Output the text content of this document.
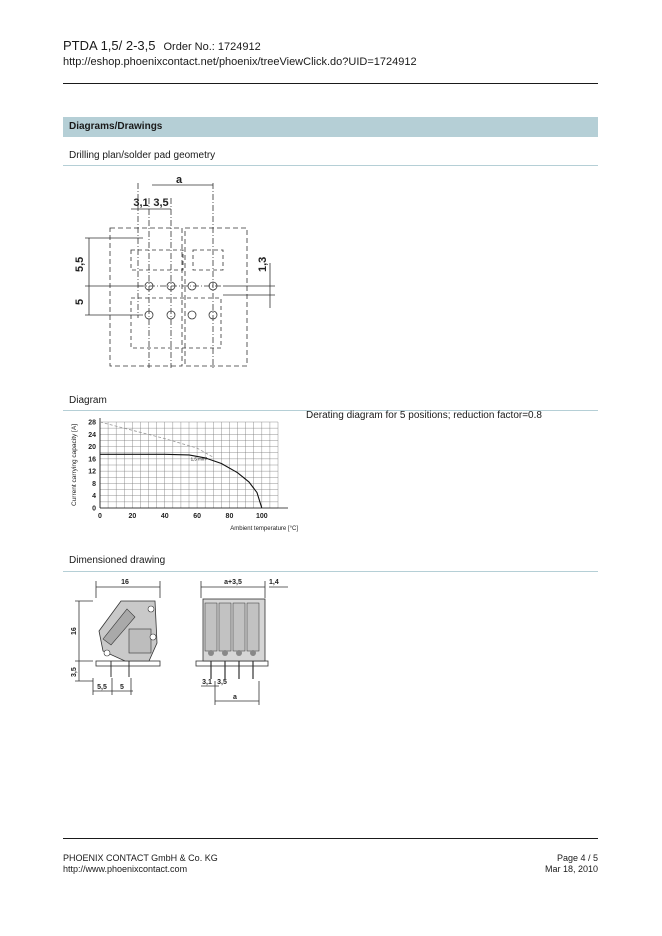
PTDA 1,5/ 2-3,5 Order No.: 1724912
http://eshop.phoenixcontact.net/phoenix/treeViewClick.do?UID=1724912
Diagrams/Drawings
Drilling plan/solder pad geometry
a
3,1 3,5
5,5
5
1,3
Diagram
Derating diagram for 5 positions; reduction factor=0.8
0	20	40	60	80	100
0
4
8
12
16
20
24
28
1,5 mm²
Current carrying capacity [A]
Ambient temperature [°C]
Dimensioned drawing
16
16
3,5
5,5 5
a+3,5	1,4
3,1 3,5
a
PHOENIX CONTACT GmbH & Co. KG
http://www.phoenixcontact.com
Page 4 / 5
Mar 18, 2010
